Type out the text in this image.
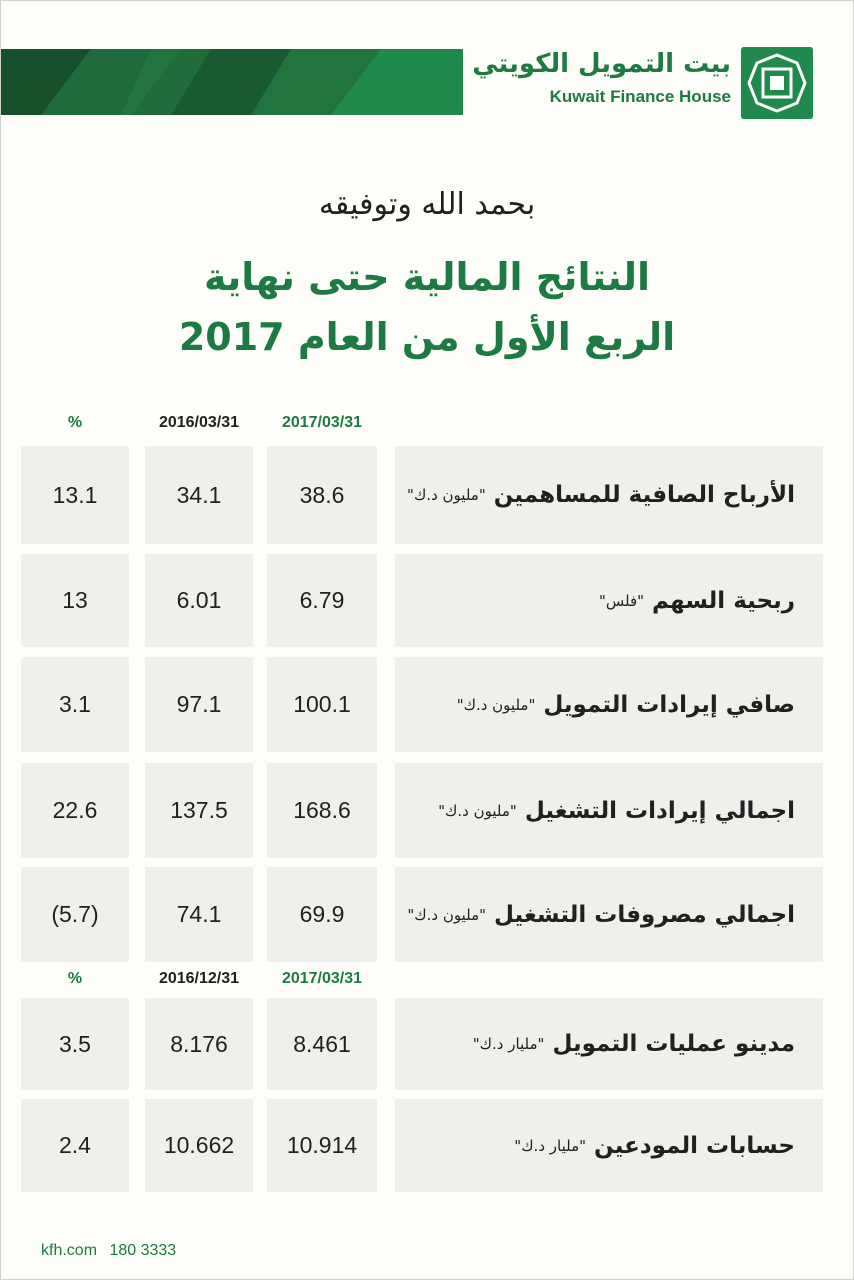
بيت التمويل الكويتي
Kuwait Finance House
بحمد الله وتوفيقه
النتائج المالية حتى نهاية
الربع الأول من العام 2017
%	2016/03/31	2017/03/31
13.1	34.1	38.6	الأرباح الصافية للمساهمين
"مليون د.ك"
13	6.01	6.79	ربحية السهم
"فلس"
3.1	97.1	100.1	صافي إيرادات التمويل
"مليون د.ك"
22.6	137.5	168.6	اجمالي إيرادات التشغيل
"مليون د.ك"
(5.7)	74.1	69.9	اجمالي مصروفات التشغيل
"مليون د.ك"
%	2016/12/31	2017/03/31
3.5	8.176	8.461	مدينو عمليات التمويل
"مليار د.ك"
2.4	10.662	10.914	حسابات المودعين
"مليار د.ك"
kfh.com 180 3333
